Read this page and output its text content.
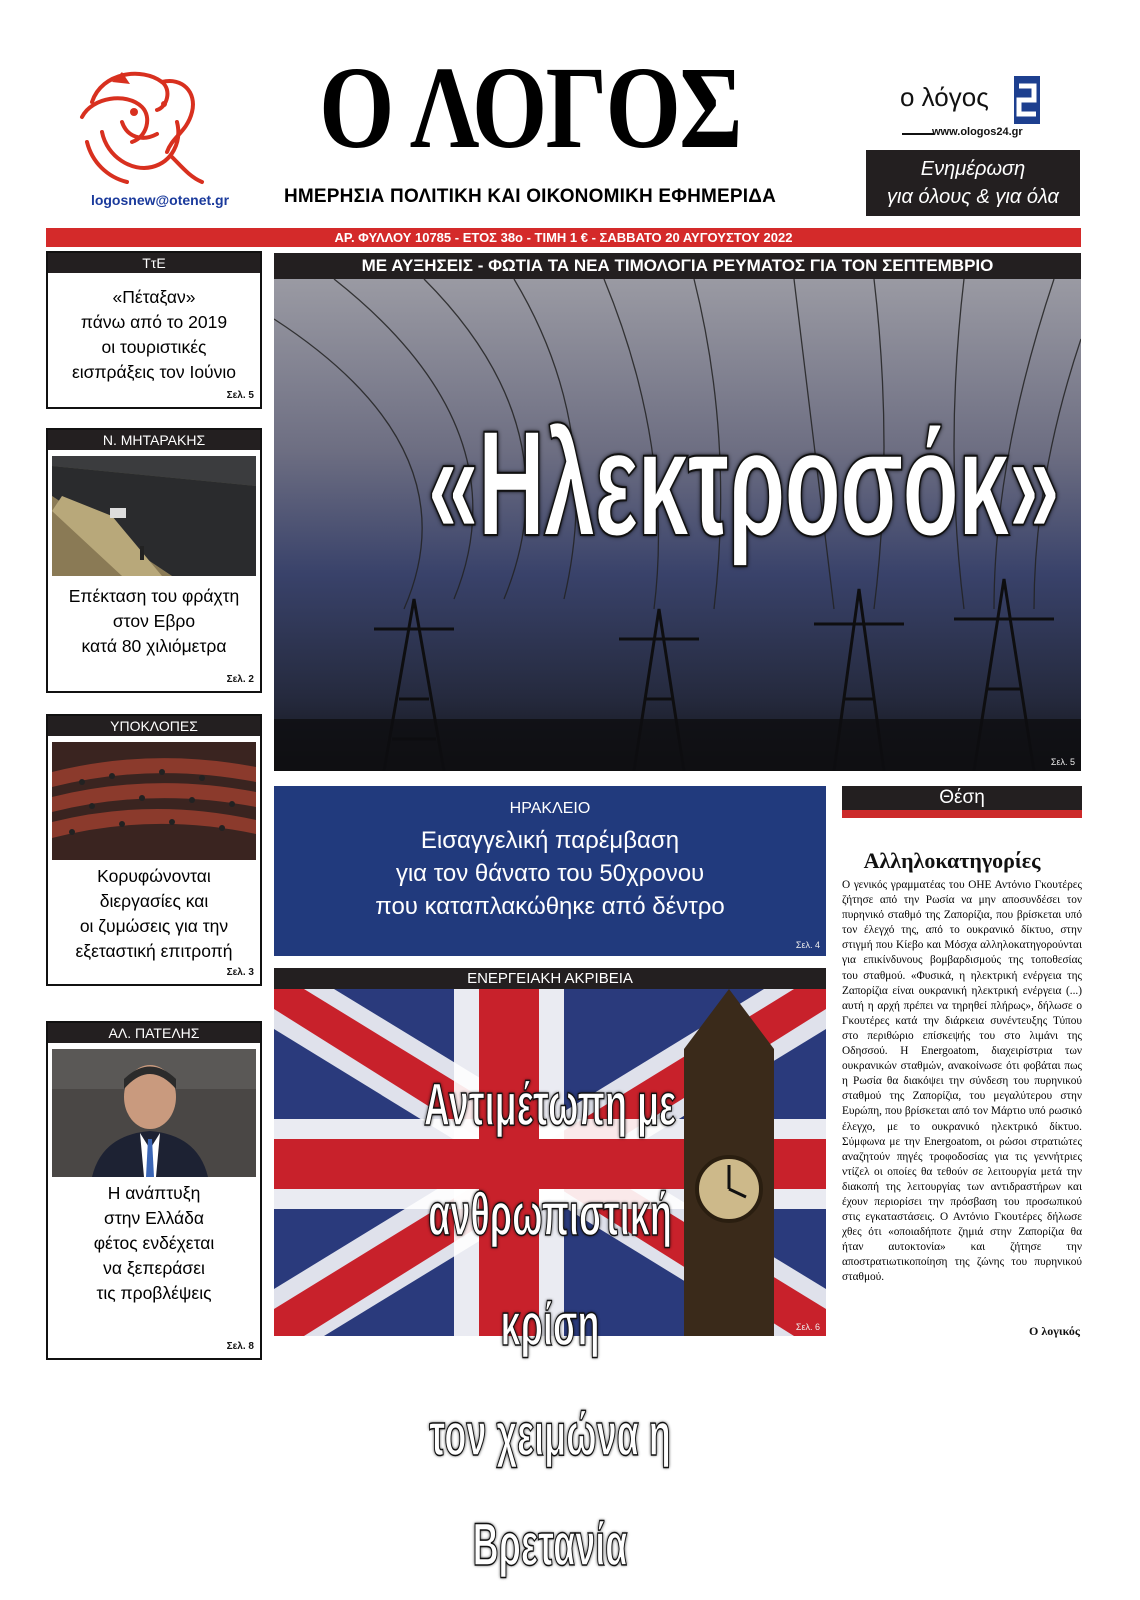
logosnew@otenet.gr
Ο ΛΟΓΟΣ
ΗΜΕΡΗΣΙΑ ΠΟΛΙΤΙΚΗ ΚΑΙ ΟΙΚΟΝΟΜΙΚΗ ΕΦΗΜΕΡΙΔΑ
ο λόγος
www.ologos24.gr
Ενημέρωση
για όλους & για όλα
ΑΡ. ΦΥΛΛΟΥ 10785 - ΕΤΟΣ 38ο - ΤΙΜΗ 1 € - ΣΑΒΒΑΤΟ 20 ΑΥΓΟΥΣΤΟΥ 2022
ΤτΕ
«Πέταξαν»
πάνω από το 2019
οι τουριστικές
εισπράξεις τον Ιούνιο
Σελ. 5
Ν. ΜΗΤΑΡΑΚΗΣ
Επέκταση του φράχτη
στον Εβρο
κατά 80 χιλιόμετρα
Σελ. 2
ΥΠΟΚΛΟΠΕΣ
Κορυφώνονται
διεργασίες και
οι ζυμώσεις για την
εξεταστική επιτροπή
Σελ. 3
ΑΛ. ΠΑΤΕΛΗΣ
Η ανάπτυξη
στην Ελλάδα
φέτος ενδέχεται
να ξεπεράσει
τις προβλέψεις
Σελ. 8
ΜΕ ΑΥΞΗΣΕΙΣ - ΦΩΤΙΑ ΤΑ ΝΕΑ ΤΙΜΟΛΟΓΙΑ ΡΕΥΜΑΤΟΣ ΓΙΑ ΤΟΝ ΣΕΠΤΕΜΒΡΙΟ
Σελ. 5
«Ηλεκτροσόκ»
ΗΡΑΚΛΕΙΟ
Εισαγγελική παρέμβαση
για τον θάνατο του 50χρονου
που καταπλακώθηκε από δέντρο
Σελ. 4
ΕΝΕΡΓΕΙΑΚΗ ΑΚΡΙΒΕΙΑ
Σελ. 6
Αντιμέτωπη με ανθρωπιστική κρίση
τον χειμώνα η Βρετανία
Θέση
Αλληλοκατηγορίες
Ο γενικός γραμματέας του ΟΗΕ Αντόνιο Γκουτέρες ζήτησε από την Ρωσία να μην αποσυνδέσει τον πυρηνικό σταθμό της Ζαπορίζια, που βρίσκεται υπό τον έλεγχό της, από το ουκρανικό δίκτυο, στην στιγμή που Κίεβο και Μόσχα αλληλοκατηγορούνται για επικίνδυνους βομβαρδισμούς της τοποθεσίας του σταθμού. «Φυσικά, η ηλεκτρική ενέργεια της Ζαπορίζια είναι ουκρανική ηλεκτρική ενέργεια (...) αυτή η αρχή πρέπει να τηρηθεί πλήρως», δήλωσε ο Γκουτέρες κατά την διάρκεια συνέντευξης Τύπου στο περιθώριο επίσκεψής του στο λιμάνι της Οδησσού. Η Energoatom, διαχειρίστρια των ουκρανικών σταθμών, ανακοίνωσε ότι φοβάται πως η Ρωσία θα διακόψει την σύνδεση του πυρηνικού σταθμού της Ζαπορίζια, του μεγαλύτερου στην Ευρώπη, που βρίσκεται από τον Μάρτιο υπό ρωσικό έλεγχο, με το ουκρανικό ηλεκτρικό δίκτυο. Σύμφωνα με την Energoatom, οι ρώσοι στρατιώτες αναζητούν πηγές τροφοδοσίας για τις γεννήτριες ντίζελ οι οποίες θα τεθούν σε λειτουργία μετά την διακοπή της λειτουργίας των αντιδραστήρων και έχουν περιορίσει την πρόσβαση του προσωπικού στις εγκαταστάσεις. Ο Αντόνιο Γκουτέρες δήλωσε χθες ότι «οποιαδήποτε ζημιά στην Ζαπορίζια θα ήταν αυτοκτονία» και ζήτησε την αποστρατιωτικοποίηση της ζώνης του πυρηνικού σταθμού.
Ο λογικός
